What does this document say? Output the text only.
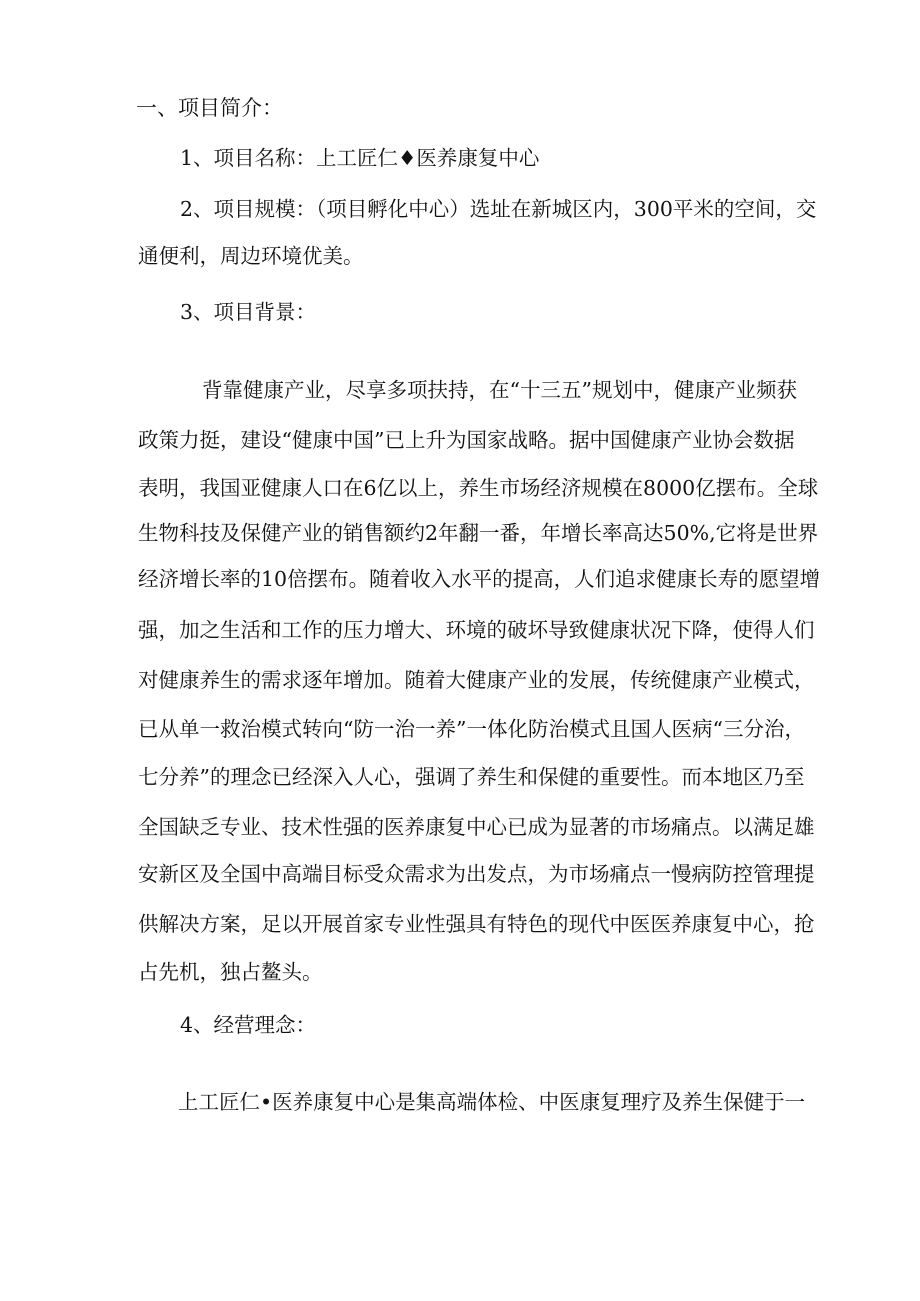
一、项目简介：
1、项目名称：上工匠仁♦医养康复中心
2、项目规模：（项目孵化中心）选址在新城区内，300平米的空间，交
通便利，周边环境优美。
3、项目背景：
背靠健康产业，尽享多项扶持，在“十三五”规划中，健康产业频获
政策力挺，建设“健康中国”已上升为国家战略。据中国健康产业协会数据
表明，我国亚健康人口在6亿以上，养生市场经济规模在8000亿摆布。全球
生物科技及保健产业的销售额约2年翻一番，年增长率高达50%,它将是世界
经济增长率的10倍摆布。随着收入水平的提高，人们追求健康长寿的愿望增
强，加之生活和工作的压力增大、环境的破坏导致健康状况下降，使得人们
对健康养生的需求逐年增加。随着大健康产业的发展，传统健康产业模式，
已从单一救治模式转向“防一治一养”一体化防治模式且国人医病“三分治，
七分养”的理念已经深入人心，强调了养生和保健的重要性。而本地区乃至
全国缺乏专业、技术性强的医养康复中心已成为显著的市场痛点。以满足雄
安新区及全国中高端目标受众需求为出发点，为市场痛点一慢病防控管理提
供解决方案，足以开展首家专业性强具有特色的现代中医医养康复中心，抢
占先机，独占鳌头。
4、经营理念：
上工匠仁•医养康复中心是集高端体检、中医康复理疗及养生保健于一
